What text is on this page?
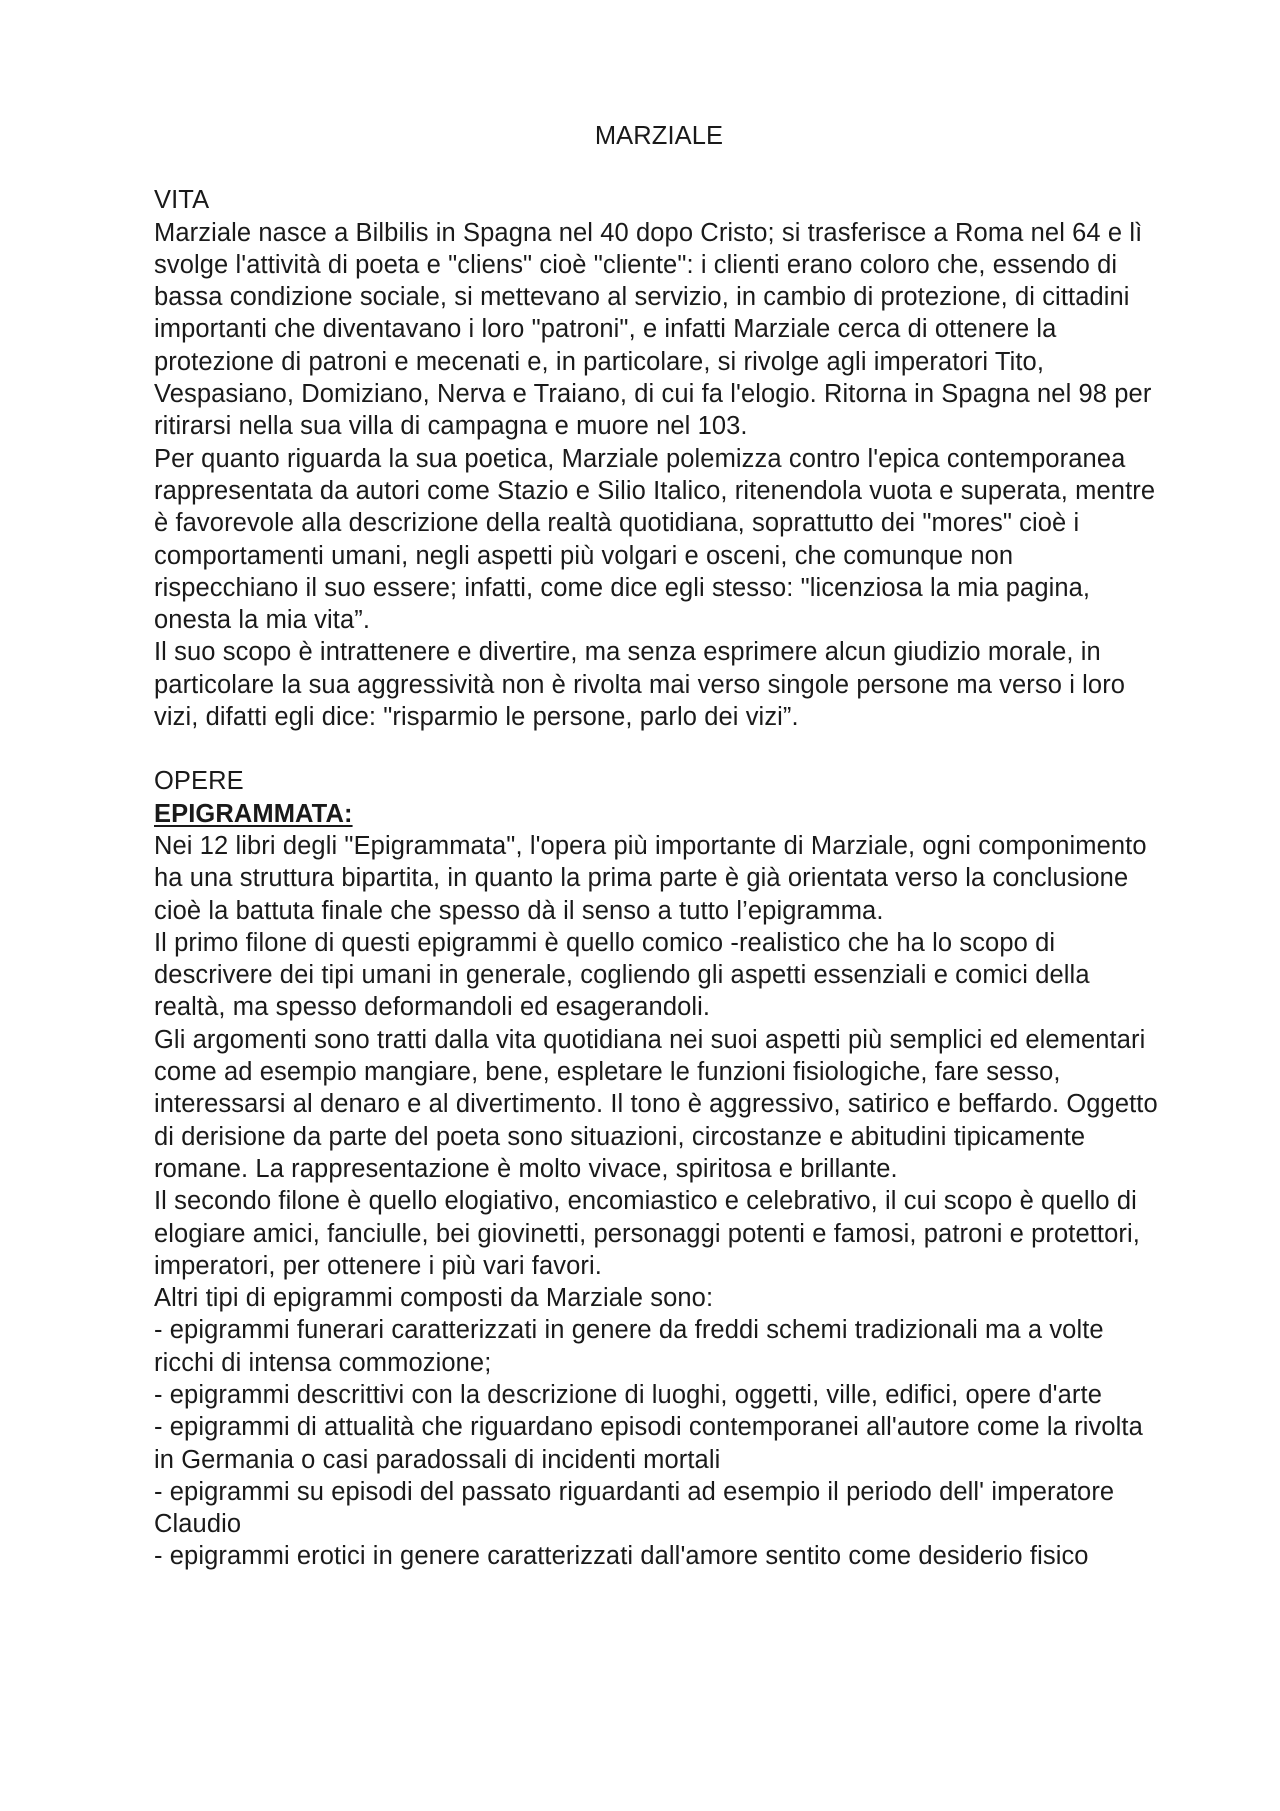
MARZIALE
VITA

Marziale nasce a Bilbilis in Spagna nel 40 dopo Cristo; si trasferisce a Roma nel 64 e lì svolge l'attività di poeta e "cliens" cioè "cliente": i clienti erano coloro che, essendo di bassa condizione sociale, si mettevano al servizio, in cambio di protezione, di cittadini importanti che diventavano i loro "patroni", e infatti Marziale cerca di ottenere la protezione di patroni e mecenati e, in particolare, si rivolge agli imperatori Tito, Vespasiano, Domiziano, Nerva e Traiano, di cui fa l'elogio. Ritorna in Spagna nel 98 per ritirarsi nella sua villa di campagna e muore nel 103.

Per quanto riguarda la sua poetica, Marziale polemizza contro l'epica contemporanea rappresentata da autori come Stazio e Silio Italico, ritenendola vuota e superata, mentre è favorevole alla descrizione della realtà quotidiana, soprattutto dei "mores" cioè i comportamenti umani, negli aspetti più volgari e osceni, che comunque non rispecchiano il suo essere; infatti, come dice egli stesso: "licenziosa la mia pagina, onesta la mia vita”.

Il suo scopo è intrattenere e divertire, ma senza esprimere alcun giudizio morale, in particolare la sua aggressività non è rivolta mai verso singole persone ma verso i loro vizi, difatti egli dice: "risparmio le persone, parlo dei vizi”.

OPERE
EPIGRAMMATA:

Nei 12 libri degli "Epigrammata", l'opera più importante di Marziale, ogni componimento ha una struttura bipartita, in quanto la prima parte è già orientata verso la conclusione cioè la battuta finale che spesso dà il senso a tutto l’epigramma.

Il primo filone di questi epigrammi è quello comico -realistico che ha lo scopo di descrivere dei tipi umani in generale, cogliendo gli aspetti essenziali e comici della realtà, ma spesso deformandoli ed esagerandoli.

Gli argomenti sono tratti dalla vita quotidiana nei suoi aspetti più semplici ed elementari come ad esempio mangiare, bene, espletare le funzioni fisiologiche, fare sesso, interessarsi al denaro e al divertimento. Il tono è aggressivo, satirico e beffardo. Oggetto di derisione da parte del poeta sono situazioni, circostanze e abitudini tipicamente romane. La rappresentazione è molto vivace, spiritosa e brillante.

Il secondo filone è quello elogiativo, encomiastico e celebrativo, il cui scopo è quello di elogiare amici, fanciulle, bei giovinetti, personaggi potenti e famosi, patroni e protettori, imperatori, per ottenere i più vari favori.

Altri tipi di epigrammi composti da Marziale sono:

- epigrammi funerari caratterizzati in genere da freddi schemi tradizionali ma a volte ricchi di intensa commozione;

- epigrammi descrittivi con la descrizione di luoghi, oggetti, ville, edifici, opere d'arte

- epigrammi di attualità che riguardano episodi contemporanei all'autore come la rivolta in Germania o casi paradossali di incidenti mortali

- epigrammi su episodi del passato riguardanti ad esempio il periodo dell' imperatore Claudio

- epigrammi erotici in genere caratterizzati dall'amore sentito come desiderio fisico
